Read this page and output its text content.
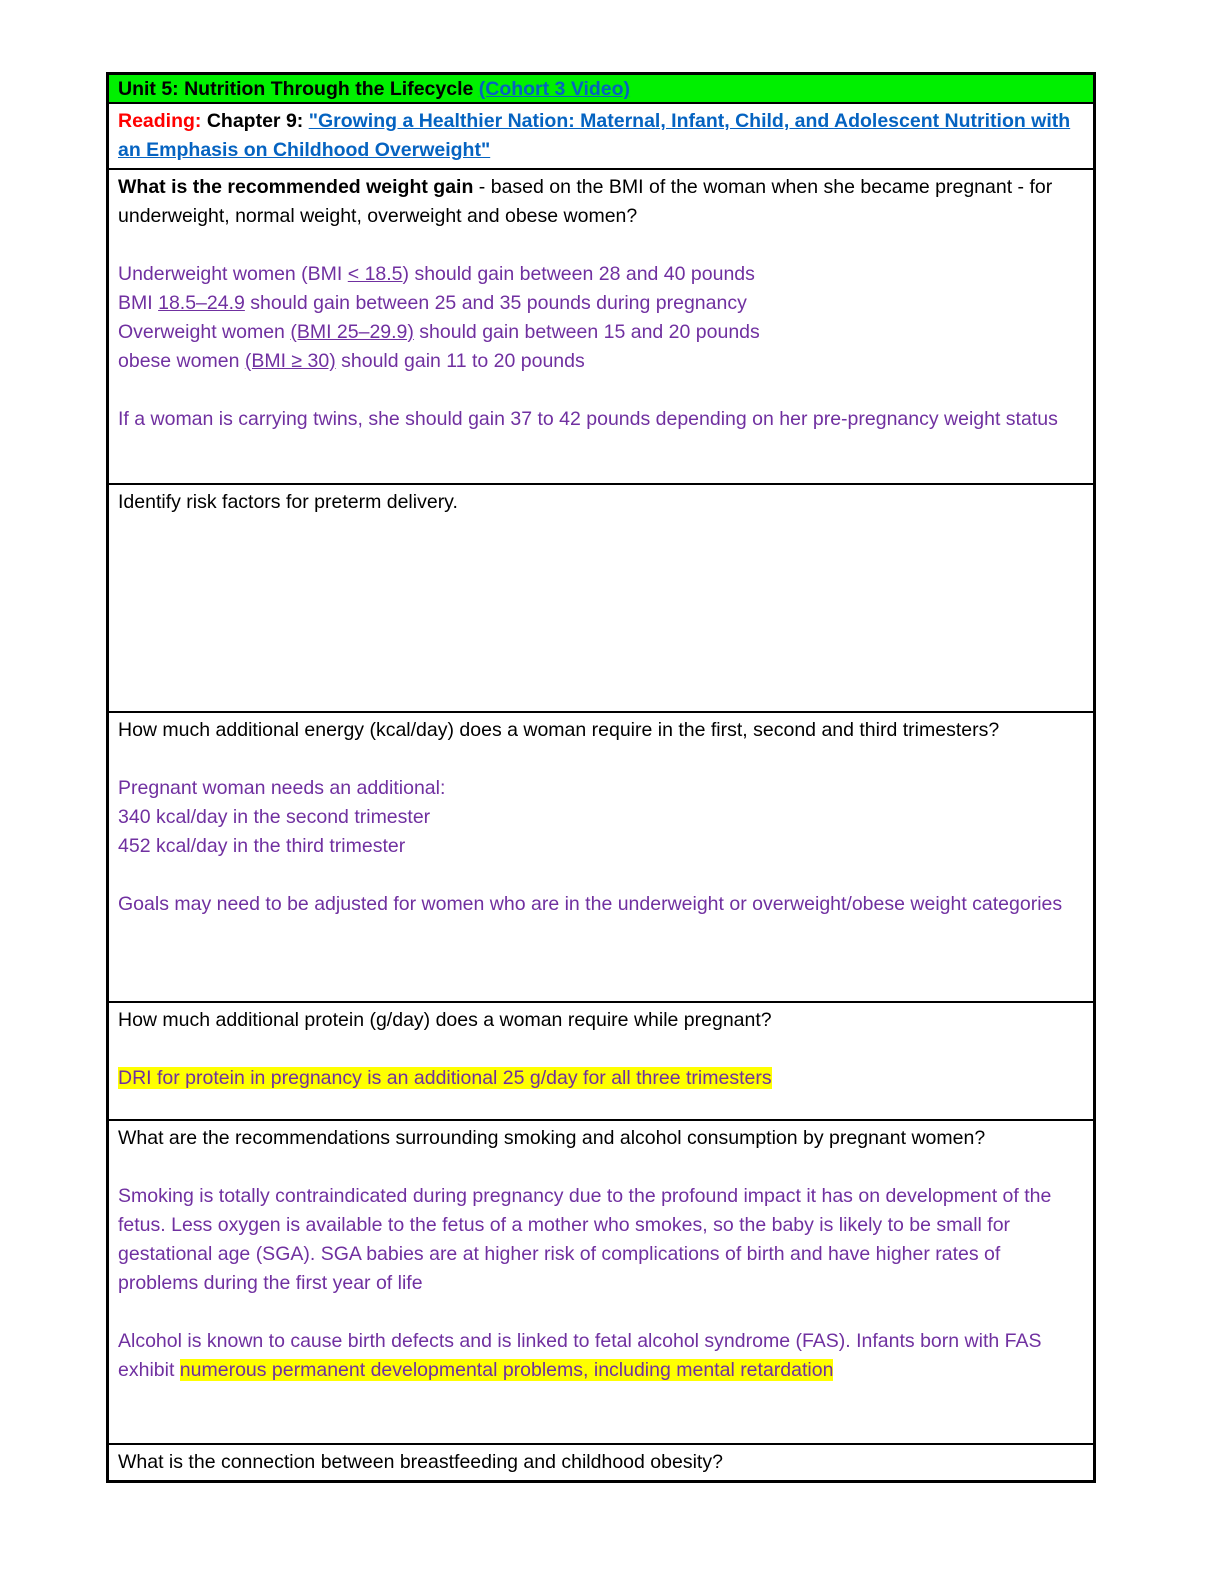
Unit 5: Nutrition Through the Lifecycle (Cohort 3 Video)

Reading: Chapter 9: "Growing a Healthier Nation: Maternal, Infant, Child, and Adolescent Nutrition with an Emphasis on Childhood Overweight"

What is the recommended weight gain - based on the BMI of the woman when she became pregnant - for underweight, normal weight, overweight and obese women?

Underweight women (BMI < 18.5) should gain between 28 and 40 pounds

BMI 18.5–24.9 should gain between 25 and 35 pounds during pregnancy

Overweight women (BMI 25–29.9) should gain between 15 and 20 pounds

obese women (BMI ≥ 30) should gain 11 to 20 pounds

If a woman is carrying twins, she should gain 37 to 42 pounds depending on her pre-pregnancy weight status

Identify risk factors for preterm delivery.

How much additional energy (kcal/day) does a woman require in the first, second and third trimesters?

Pregnant woman needs an additional:

340 kcal/day in the second trimester

452 kcal/day in the third trimester

Goals may need to be adjusted for women who are in the underweight or overweight/obese weight categories

How much additional protein (g/day) does a woman require while pregnant?

DRI for protein in pregnancy is an additional 25 g/day for all three trimesters

What are the recommendations surrounding smoking and alcohol consumption by pregnant women?

Smoking is totally contraindicated during pregnancy due to the profound impact it has on development of the fetus. Less oxygen is available to the fetus of a mother who smokes, so the baby is likely to be small for gestational age (SGA). SGA babies are at higher risk of complications of birth and have higher rates of problems during the first year of life

Alcohol is known to cause birth defects and is linked to fetal alcohol syndrome (FAS). Infants born with FAS exhibit numerous permanent developmental problems, including mental retardation

What is the connection between breastfeeding and childhood obesity?
